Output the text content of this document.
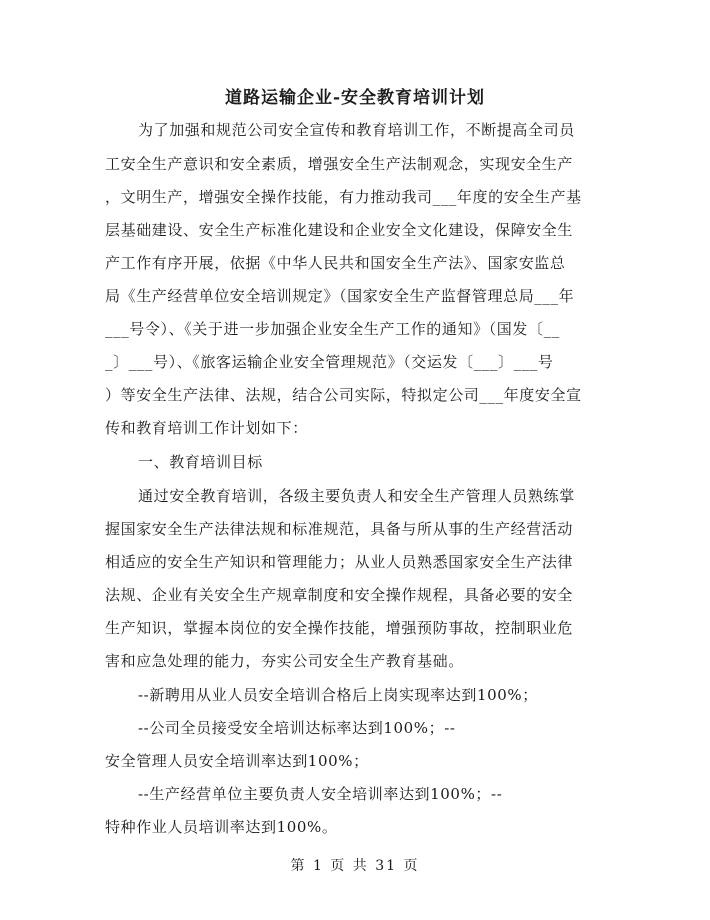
道路运输企业-安全教育培训计划
为了加强和规范公司安全宣传和教育培训工作，不断提高全司员
工安全生产意识和安全素质，增强安全生产法制观念，实现安全生产
，文明生产，增强安全操作技能，有力推动我司___年度的安全生产基
层基础建设、安全生产标准化建设和企业安全文化建设，保障安全生
产工作有序开展，依据《中华人民共和国安全生产法》、国家安监总
局《生产经营单位安全培训规定》（国家安全生产监督管理总局___年
___号令）、《关于进一步加强企业安全生产工作的通知》（国发〔__
_〕___号）、《旅客运输企业安全管理规范》（交运发〔___〕___号
）等安全生产法律、法规，结合公司实际，特拟定公司___年度安全宣
传和教育培训工作计划如下：
一、教育培训目标
通过安全教育培训，各级主要负责人和安全生产管理人员熟练掌
握国家安全生产法律法规和标准规范，具备与所从事的生产经营活动
相适应的安全生产知识和管理能力；从业人员熟悉国家安全生产法律
法规、企业有关安全生产规章制度和安全操作规程，具备必要的安全
生产知识，掌握本岗位的安全操作技能，增强预防事故，控制职业危
害和应急处理的能力，夯实公司安全生产教育基础。
--新聘用从业人员安全培训合格后上岗实现率达到100%；
--公司全员接受安全培训达标率达到100%；--
安全管理人员安全培训率达到100%；
--生产经营单位主要负责人安全培训率达到100%；--
特种作业人员培训率达到100%。
第 1 页 共 31 页
